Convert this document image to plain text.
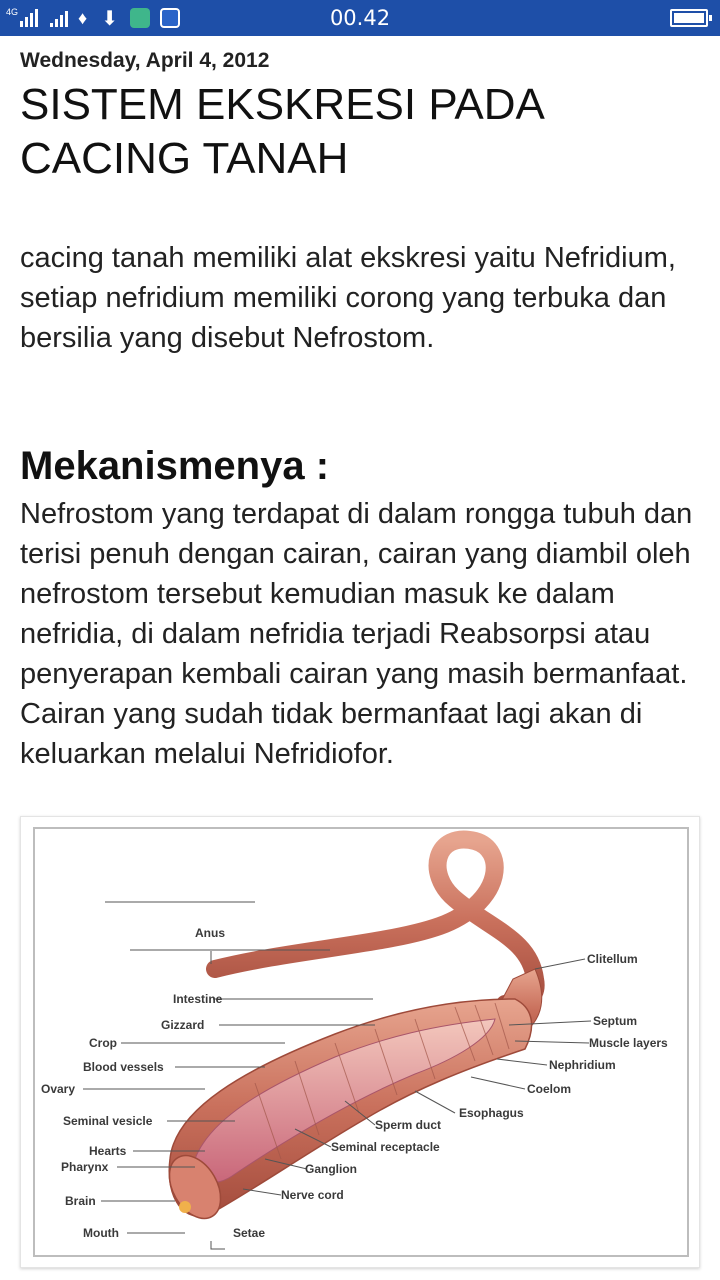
4G	♦ ⬇	00.42
Wednesday, April 4, 2012
SISTEM EKSKRESI PADA CACING TANAH

cacing tanah memiliki alat ekskresi yaitu Nefridium, setiap nefridium memiliki corong yang terbuka dan bersilia yang disebut Nefrostom.

Mekanismenya :

Nefrostom yang terdapat di dalam rongga tubuh dan terisi penuh dengan cairan, cairan yang diambil oleh nefrostom tersebut kemudian masuk ke dalam nefridia, di dalam nefridia terjadi Reabsorpsi atau penyerapan kembali cairan yang masih bermanfaat. Cairan yang sudah tidak bermanfaat lagi akan di keluarkan melalui Nefridiofor.

Anus
Intestine
Gizzard
Crop
Blood vessels
Ovary
Seminal vesicle
Hearts
Pharynx
Brain
Mouth	Setae
Nerve cord
Ganglion
Seminal receptacle
Sperm duct
Esophagus
Coelom
Nephridium
Muscle layers
Septum
Clitellum
